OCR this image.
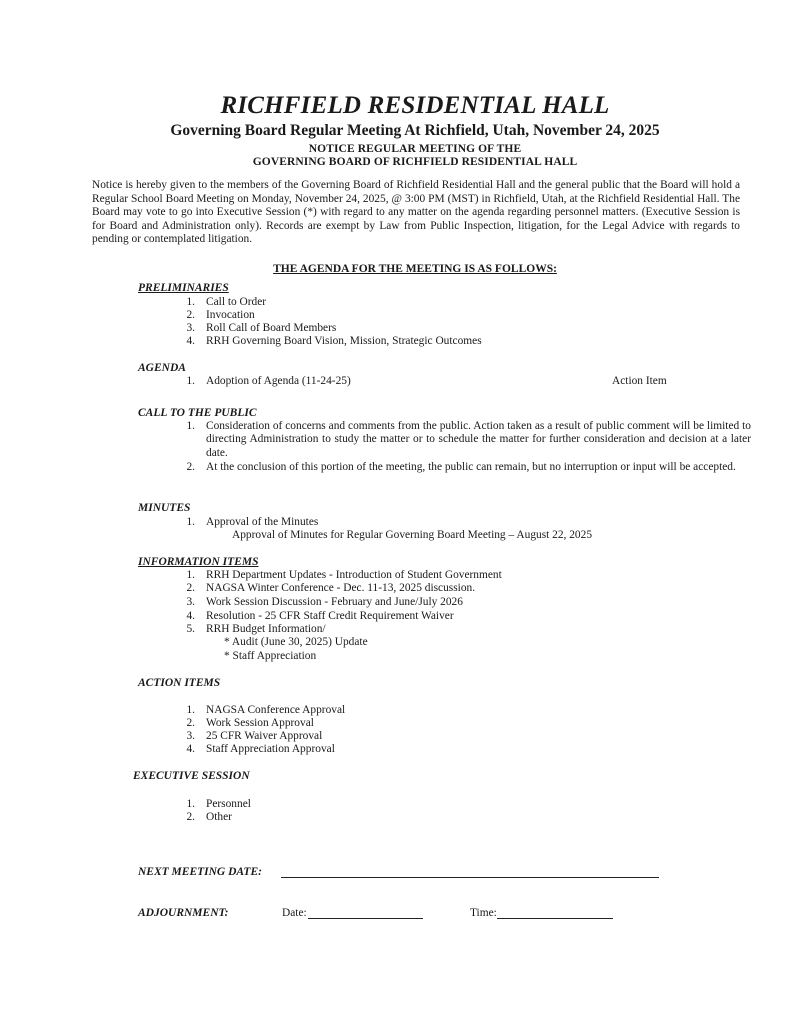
RICHFIELD RESIDENTIAL HALL
Governing Board Regular Meeting At Richfield, Utah, November 24, 2025
NOTICE REGULAR MEETING OF THE
GOVERNING BOARD OF RICHFIELD RESIDENTIAL HALL
Notice is hereby given to the members of the Governing Board of Richfield Residential Hall and the general public that the Board will hold a Regular School Board Meeting on Monday, November 24, 2025, @ 3:00 PM (MST) in Richfield, Utah, at the Richfield Residential Hall. The Board may vote to go into Executive Session (*) with regard to any matter on the agenda regarding personnel matters. (Executive Session is for Board and Administration only). Records are exempt by Law from Public Inspection, litigation, for the Legal Advice with regards to pending or contemplated litigation.
THE AGENDA FOR THE MEETING IS AS FOLLOWS:
PRELIMINARIES
1. Call to Order
2. Invocation
3. Roll Call of Board Members
4. RRH Governing Board Vision, Mission, Strategic Outcomes
AGENDA
1. Adoption of Agenda (11-24-25)	Action Item
CALL TO THE PUBLIC
1. Consideration of concerns and comments from the public. Action taken as a result of public comment will be limited to directing Administration to study the matter or to schedule the matter for further consideration and decision at a later date.
2. At the conclusion of this portion of the meeting, the public can remain, but no interruption or input will be accepted.
MINUTES
1. Approval of the Minutes
Approval of Minutes for Regular Governing Board Meeting – August 22, 2025
INFORMATION ITEMS
1. RRH Department Updates - Introduction of Student Government
2. NAGSA Winter Conference - Dec. 11-13, 2025 discussion.
3. Work Session Discussion - February and June/July 2026
4. Resolution - 25 CFR Staff Credit Requirement Waiver
5. RRH Budget Information/
* Audit (June 30, 2025) Update
* Staff Appreciation
ACTION ITEMS
1. NAGSA Conference Approval
2. Work Session Approval
3. 25 CFR Waiver Approval
4. Staff Appreciation Approval
EXECUTIVE SESSION
1. Personnel
2. Other
NEXT MEETING DATE:
ADJOURNMENT:	Date:	Time:
